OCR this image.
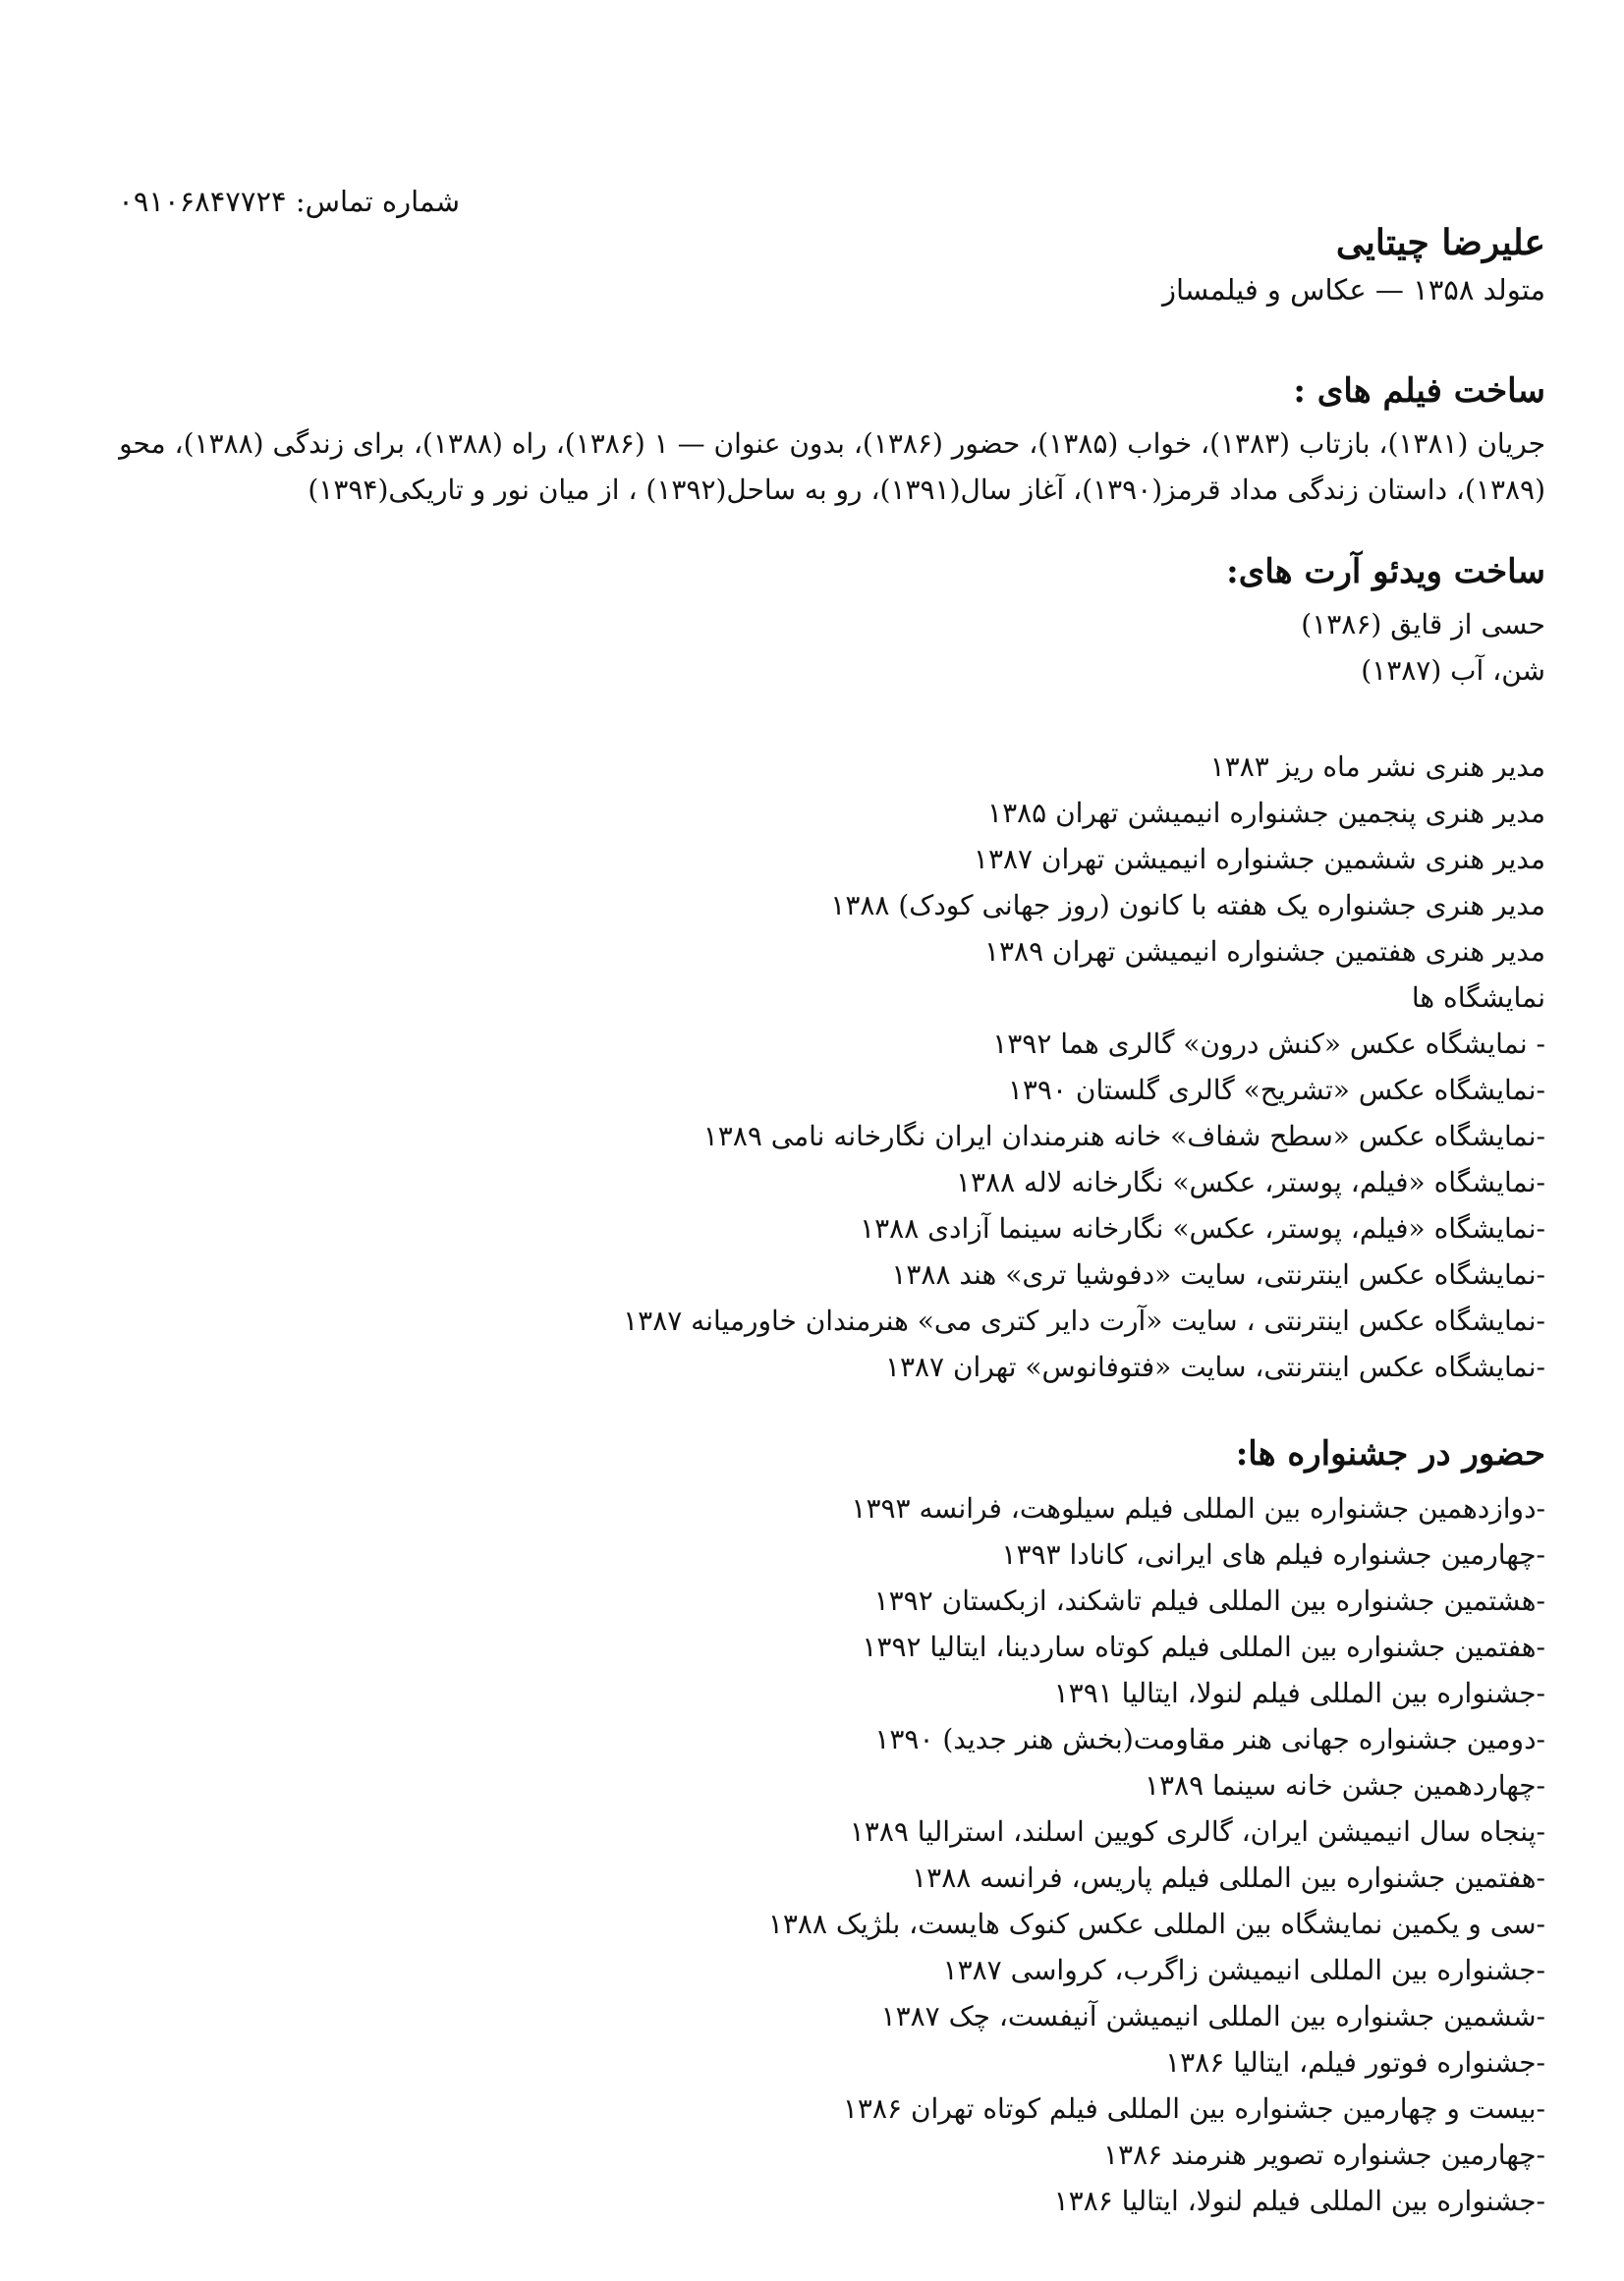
شماره تماس: ۰۹۱۰۶۸۴۷۷۲۴
علیرضا چیتایی
متولد ۱۳۵۸ — عکاس و فیلمساز
ساخت فیلم های :
جریان (۱۳۸۱)، بازتاب (۱۳۸۳)، خواب (۱۳۸۵)، حضور (۱۳۸۶)، بدون عنوان — ۱ (۱۳۸۶)، راه (۱۳۸۸)، برای زندگی (۱۳۸۸)، محو (۱۳۸۹)، داستان زندگی مداد قرمز(۱۳۹۰)، آغاز سال(۱۳۹۱)، رو به ساحل(۱۳۹۲) ، از میان نور و تاریکی(۱۳۹۴)
ساخت ویدئو آرت های:
حسی از قایق (۱۳۸۶)
شن، آب (۱۳۸۷)
مدیر هنری نشر ماه ریز ۱۳۸۳
مدیر هنری پنجمین جشنواره انیمیشن تهران ۱۳۸۵
مدیر هنری ششمین جشنواره انیمیشن تهران ۱۳۸۷
مدیر هنری جشنواره یک هفته با کانون (روز جهانی کودک) ۱۳۸۸
مدیر هنری هفتمین جشنواره انیمیشن تهران ۱۳۸۹
نمایشگاه ها
- نمایشگاه عکس «کنش درون» گالری هما ۱۳۹۲
-نمایشگاه عکس «تشریح» گالری گلستان ۱۳۹۰
-نمایشگاه عکس «سطح شفاف» خانه هنرمندان ایران نگارخانه نامی ۱۳۸۹
-نمایشگاه «فیلم، پوستر، عکس» نگارخانه لاله ۱۳۸۸
-نمایشگاه «فیلم، پوستر، عکس» نگارخانه سینما آزادی ۱۳۸۸
-نمایشگاه عکس اینترنتی، سایت «دفوشیا تری» هند ۱۳۸۸
-نمایشگاه عکس اینترنتی ، سایت «آرت دایر کتری می» هنرمندان خاورمیانه ۱۳۸۷
-نمایشگاه عکس اینترنتی، سایت «فتوفانوس» تهران ۱۳۸۷
حضور در جشنواره ها:
-دوازدهمین جشنواره بین المللی فیلم سیلوهت، فرانسه ۱۳۹۳
-چهارمین جشنواره فیلم های ایرانی، کانادا ۱۳۹۳
-هشتمین جشنواره بین المللی فیلم تاشکند، ازبکستان ۱۳۹۲
-هفتمین جشنواره بین المللی فیلم کوتاه ساردینا، ایتالیا ۱۳۹۲
-جشنواره بین المللی فیلم لنولا، ایتالیا ۱۳۹۱
-دومین جشنواره جهانی هنر مقاومت(بخش هنر جدید) ۱۳۹۰
-چهاردهمین جشن خانه سینما ۱۳۸۹
-پنجاه سال انیمیشن ایران، گالری کویین اسلند، استرالیا ۱۳۸۹
-هفتمین جشنواره بین المللی فیلم پاریس، فرانسه ۱۳۸۸
-سی و یکمین نمایشگاه بین المللی عکس کنوک هایست، بلژیک ۱۳۸۸
-جشنواره بین المللی انیمیشن زاگرب، کرواسی ۱۳۸۷
-ششمین جشنواره بین المللی انیمیشن آنیفست، چک ۱۳۸۷
-جشنواره فوتور فیلم، ایتالیا ۱۳۸۶
-بیست و چهارمین جشنواره بین المللی فیلم کوتاه تهران ۱۳۸۶
-چهارمین جشنواره تصویر هنرمند ۱۳۸۶
-جشنواره بین المللی فیلم لنولا، ایتالیا ۱۳۸۶
